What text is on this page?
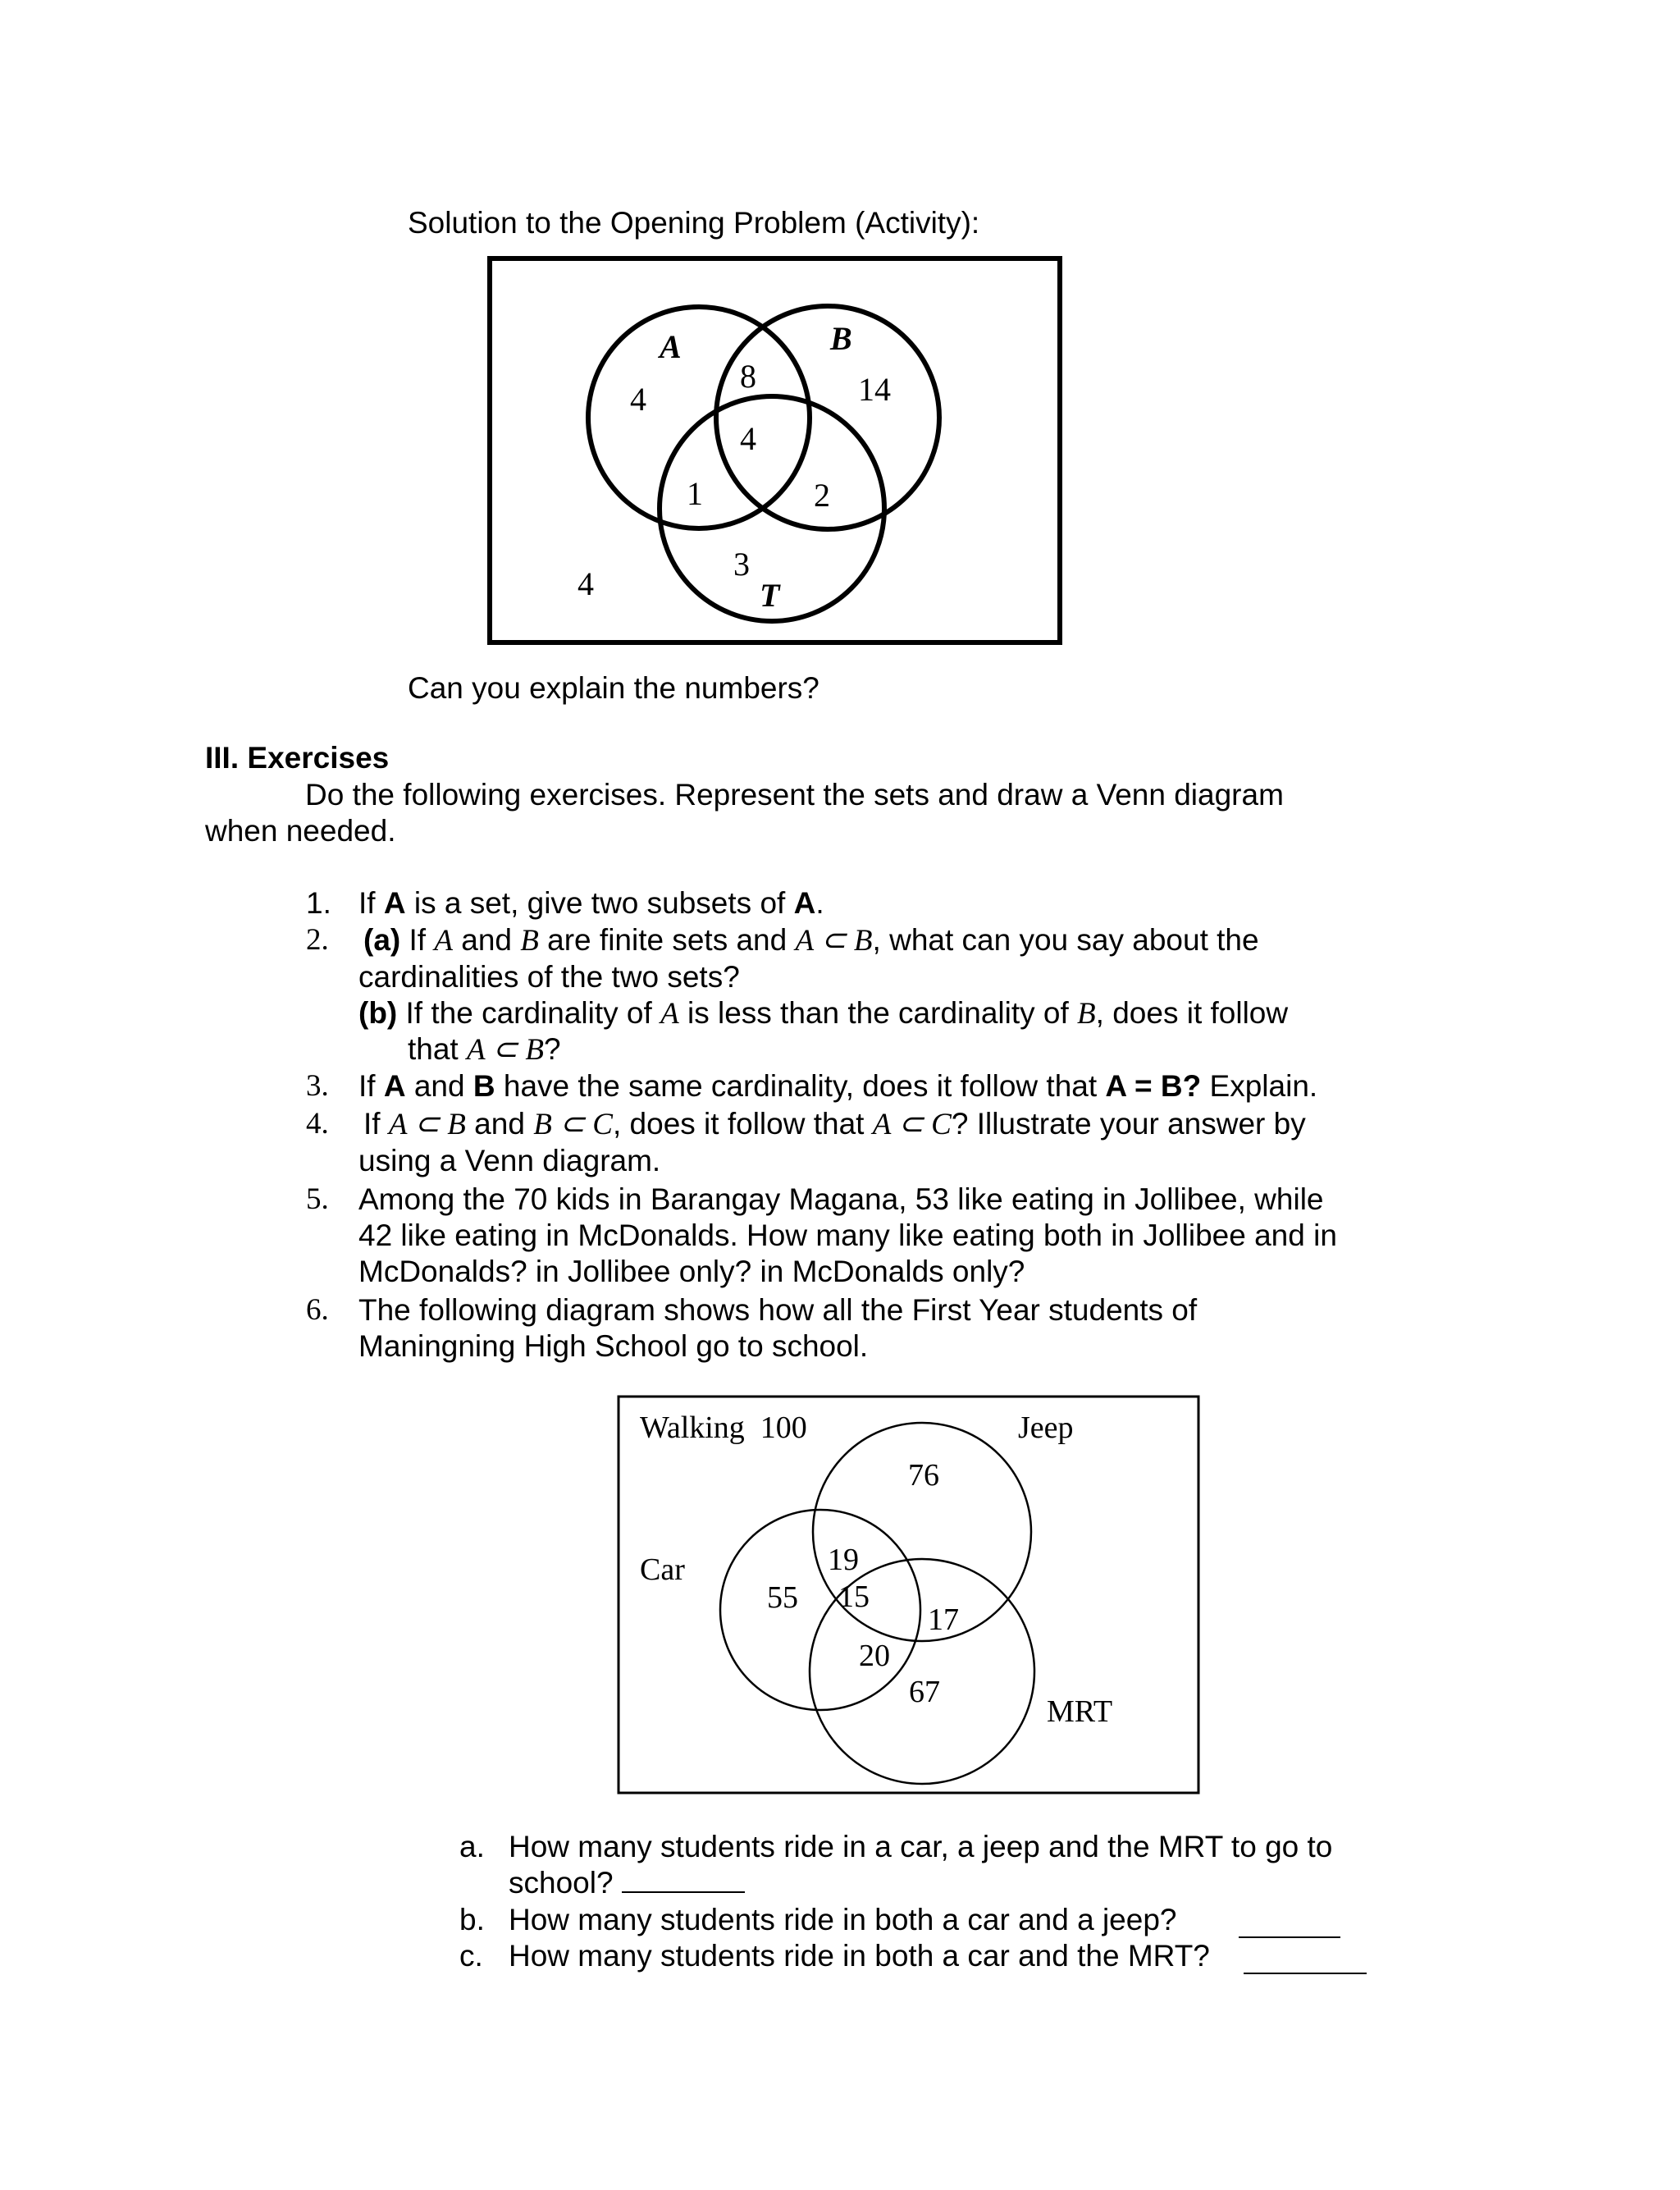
Solution to the Opening Problem (Activity):
A	B
T
4
8	14
4
1	2
3
4
Can you explain the numbers?
III. Exercises
Do the following exercises. Represent the sets and draw a Venn diagram
when needed.
1.
2.
3.
4.
5.
6.
If A is a set, give two subsets of A.
(a) If A and B are finite sets and A ⊂ B, what can you say about the
cardinalities of the two sets?
(b) If the cardinality of A is less than the cardinality of B, does it follow
that A ⊂ B?
If A and B have the same cardinality, does it follow that A = B? Explain.
If A ⊂ B and B ⊂ C, does it follow that A ⊂ C? Illustrate your answer by
using a Venn diagram.
Among the 70 kids in Barangay Magana, 53 like eating in Jollibee, while
42 like eating in McDonalds. How many like eating both in Jollibee and in
McDonalds? in Jollibee only? in McDonalds only?
The following diagram shows how all the First Year students of
Maningning High School go to school.
Walking  100	Jeep
Car
MRT
76
19
55 15
17
20
67
a. How many students ride in a car, a jeep and the MRT to go to
school?
b. How many students ride in both a car and a jeep?
c. How many students ride in both a car and the MRT?
